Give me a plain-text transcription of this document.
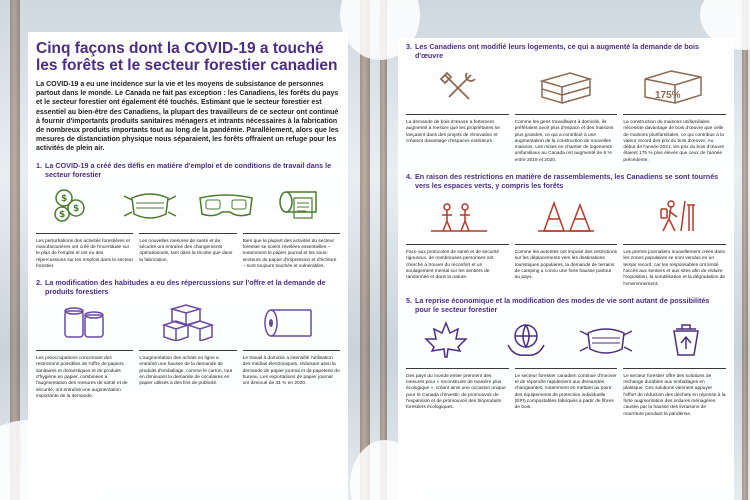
Cinq façons dont la COVID-19 a touché les forêts et le secteur forestier canadien

La COVID-19 a eu une incidence sur la vie et les moyens de subsistance de personnes partout dans le monde. Le Canada ne fait pas exception : les Canadiens, les forêts du pays et le secteur forestier ont également été touchés. Estimant que le secteur forestier est essentiel au bien-être des Canadiens, la plupart des travailleurs de ce secteur ont continué à fournir d'importants produits sanitaires ménagers et intrants nécessaires à la fabrication de nombreux produits importants tout au long de la pandémie. Parallèlement, alors que les mesures de distanciation physique nous séparaient, les forêts offraient un refuge pour les activités de plein air.

1. La COVID-19 a créé des défis en matière d'emploi et de conditions de travail dans le secteur forestier
$
$
$
Les perturbations des activités forestières et manufacturières ont créé de l'incertitude sur le plan de l'emploi et ont eu des répercussions sur les emplois dans le secteur forestier.
Les nouvelles mesures de santé et de sécurité ont entraîné des changements opérationnels, tant dans la récolte que dans la fabrication.
Bien que la plupart des activités du secteur forestier se soient révélées essentielles – notamment le papier journal et les sous-secteurs du papier d'impression et d'écriture – sont toujours touchés et vulnérables.
2. La modification des habitudes a eu des répercussions sur l'offre et la demande de produits forestiers
Les préoccupations concernant des restrictions possibles de l'offre de papiers sanitaires et domestiques et de produits d'hygiène en papier, combinées à l'augmentation des mesures de santé et de sécurité, ont entraîné une augmentation importante de la demande.
L'augmentation des achats en ligne a entraîné une hausse de la demande de produits d'emballage, comme le carton, tout en diminuant la demande de circulaires en papier utilisés à des fins de publicité.
Le travail à domicile a intensifié l'utilisation des médias électroniques, réduisant ainsi la demande de papier journal et de papeterie de bureau. Les exportations de papier journal ont diminué de 31 % en 2020.
3. Les Canadiens ont modifié leurs logements, ce qui a augmenté la demande de bois d'œuvre
175%
La demande de bois d'œuvre a fortement augmenté à mesure que les propriétaires se lançaient dans des projets de rénovation et créaient davantage d'espaces extérieurs.
Comme les gens travaillaient à domicile, ils préféraient avoir plus d'espace et des maisons plus grandes, ce qui a contribué à une augmentation de la construction de nouvelles maisons. Les mises en chantier de logements unifamiliaux au Canada ont augmenté de 6 % entre 2019 et 2020.
La construction de maisons unifamiliales nécessite davantage de bois d'œuvre que celle de maisons plurifamiliales, ce qui contribue à la valeur record des prix du bois d'œuvre. Au début de l'année 2021, les prix du bois d'œuvre étaient 175 % plus élevés que ceux de l'année précédente.
4. En raison des restrictions en matière de rassemblements, les Canadiens se sont tournés vers les espaces verts, y compris les forêts
Face aux protocoles de santé et de sécurité rigoureux, de nombreuses personnes ont cherché à trouver du réconfort et un soulagement mental sur les sentiers de randonnée et dans la nature.
Comme les autorités ont imposé des restrictions sur les déplacements vers les destinations touristiques populaires, la demande de terrains de camping a connu une forte hausse partout au pays.
Les permis journaliers nouvellement créés dans les zones populaires se sont vendus en un temps record, car les responsables ont limité l'accès aux sentiers et aux sites afin de réduire l'exposition, la surutilisation et la dégradation de l'environnement.
5. La reprise économique et la modification des modes de vie sont autant de possibilités pour le secteur forestier
Des pays du monde entier prennent des mesures pour « reconstruire de manière plus écologique », créant ainsi une occasion unique pour le Canada d'investir, de promouvoir de l'expansion et de promouvoir des bioproduits forestiers écologiques.
Le secteur forestier canadien continue d'innover et de répondre rapidement aux demandes changeantes, notamment en mettant au point des équipements de protection individuelle (EPI) compostables fabriqués à partir de fibres de bois.
Le secteur forestier offre des solutions de rechange durables aux emballages en plastique. Ces solutions viennent appuyer l'effort de réduction des déchets en réponse à la forte augmentation des ordures ménagères causée par la hausse des livraisons de nourriture pendant la pandémie.
